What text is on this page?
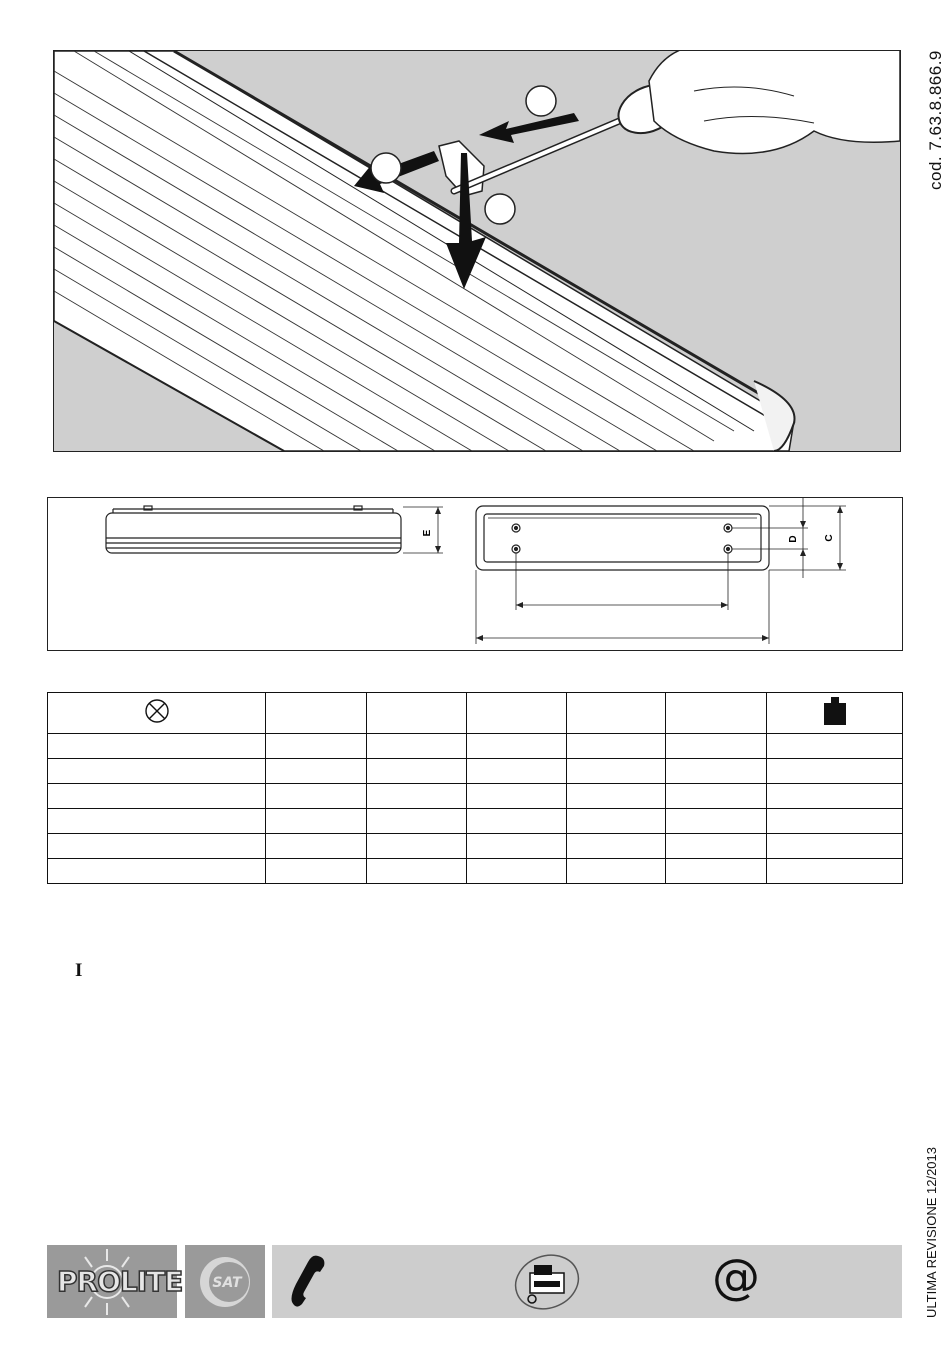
cod. 7.63.8.866.9
ULTIMA REVISIONE 12/2013
E
D	C

I
PROLITE SAT	@
